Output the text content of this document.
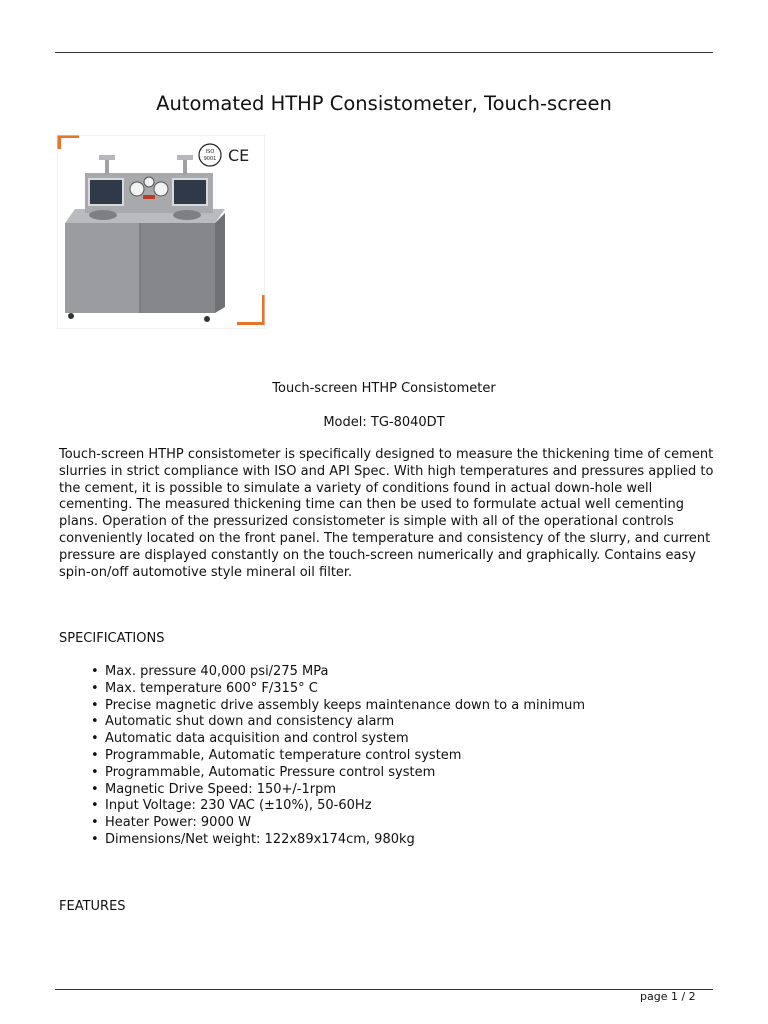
Automated HTHP Consistometer, Touch-screen
ISO
9001 CE

Touch-screen HTHP Consistometer

Model: TG-8040DT

Touch-screen HTHP consistometer is specifically designed to measure the thickening time of cement slurries in strict compliance with ISO and API Spec. With high temperatures and pressures applied to the cement, it is possible to simulate a variety of conditions found in actual down-hole well cementing. The measured thickening time can then be used to formulate actual well cementing plans. Operation of the pressurized consistometer is simple with all of the operational controls conveniently located on the front panel. The temperature and consistency of the slurry, and current pressure are displayed constantly on the touch-screen numerically and graphically. Contains easy spin-on/off automotive style mineral oil filter.

SPECIFICATIONS

• Max. pressure 40,000 psi/275 MPa
• Max. temperature 600° F/315° C
• Precise magnetic drive assembly keeps maintenance down to a minimum
• Automatic shut down and consistency alarm
• Automatic data acquisition and control system
• Programmable, Automatic temperature control system
• Programmable, Automatic Pressure control system
• Magnetic Drive Speed: 150+/-1rpm
• Input Voltage: 230 VAC (±10%), 50-60Hz
• Heater Power: 9000 W
• Dimensions/Net weight: 122x89x174cm, 980kg

FEATURES

page 1 / 2
